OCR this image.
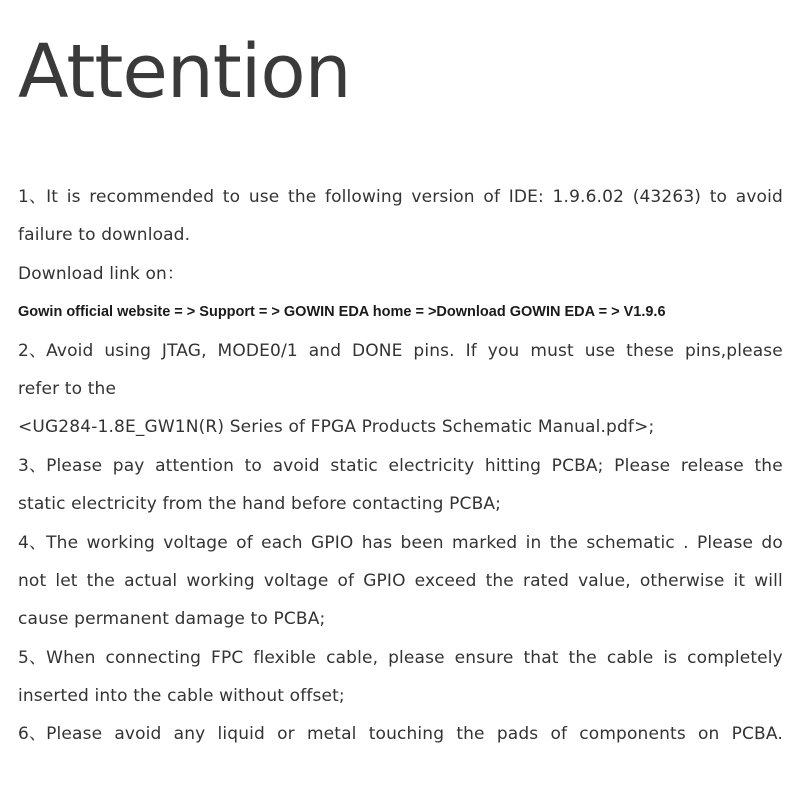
Attention
1、It is recommended to use the following version of IDE: 1.9.6.02 (43263) to avoid
failure to download.
Download link on：
Gowin official website = > Support = > GOWIN EDA home = >Download GOWIN EDA = > V1.9.6
2、Avoid using JTAG, MODE0/1 and DONE pins. If you must use these pins,please
refer to the
<UG284-1.8E_GW1N(R) Series of FPGA Products Schematic Manual.pdf>;
3、Please pay attention to avoid static electricity hitting PCBA; Please release the
static electricity from the hand before contacting PCBA;
4、The working voltage of each GPIO has been marked in the schematic . Please do
not let the actual working voltage of GPIO exceed the rated value, otherwise it will
cause permanent damage to PCBA;
5、When connecting FPC flexible cable, please ensure that the cable is completely
inserted into the cable without offset;
6、Please avoid any liquid or metal touching the pads of components on PCBA.
